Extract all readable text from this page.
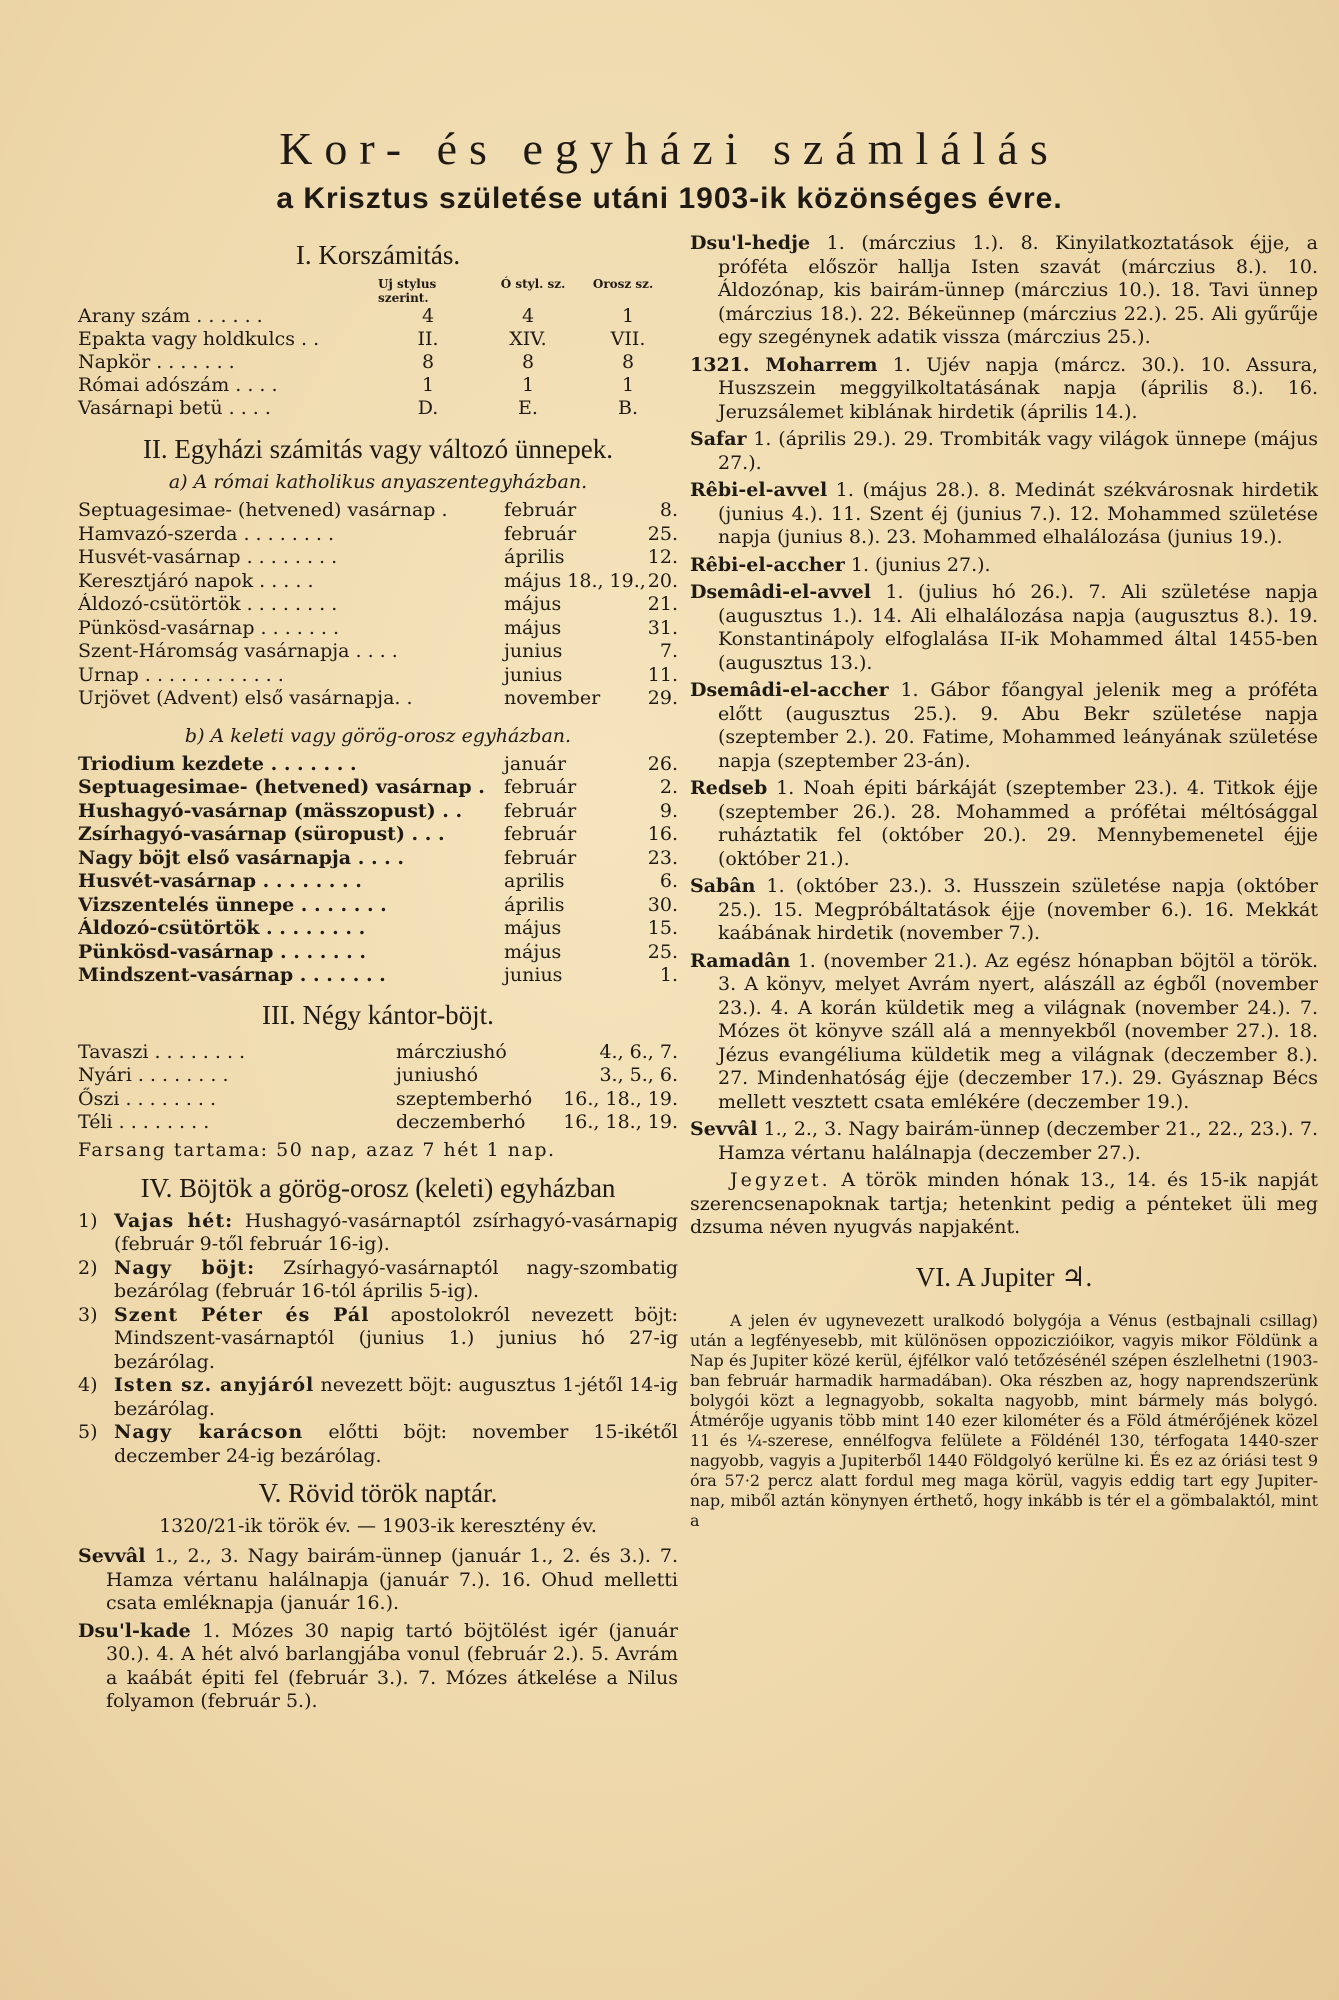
Kor- és egyházi számlálás
a Krisztus születése utáni 1903-ik közönséges évre.
I. Korszámitás.
Uj stylus szerint.
Ó styl. sz.	Orosz sz.
Arany szám . . . . . .	4	4	1
Epakta vagy holdkulcs . .	II.	XIV.	VII.
Napkör . . . . . . .	8	8	8
Római adószám . . . .	1	1	1
Vasárnapi betü . . . .	D.	E.	B.
II. Egyházi számitás vagy változó ünnepek.
a) A római katholikus anyaszentegyházban.
Septuagesimae- (hetvened) vasárnap .	február	8.
Hamvazó-szerda . . . . . . . .	február	25.
Husvét-vasárnap . . . . . . . .	április	12.
Keresztjáró napok . . . . .	május 18., 19., 20.
Áldozó-csütörtök . . . . . . . .	május	21.
Pünkösd-vasárnap . . . . . . .	május	31.
Szent-Háromság vasárnapja . . . .	junius	7.
Urnap . . . . . . . . . . . .	junius	11.
Urjövet (Advent) első vasárnapja. .	november	29.
b) A keleti vagy görög-orosz egyházban.
Triodium kezdete . . . . . . .	január	26.
Septuagesimae- (hetvened) vasárnap .	február	2.
Hushagyó-vasárnap (mässzopust) . .	február	9.
Zsírhagyó-vasárnap (süropust) . . .	február	16.
Nagy böjt első vasárnapja . . . .	február	23.
Husvét-vasárnap . . . . . . . .	aprilis	6.
Vizszentelés ünnepe . . . . . . .	április	30.
Áldozó-csütörtök . . . . . . . .	május	15.
Pünkösd-vasárnap . . . . . . .	május	25.
Mindszent-vasárnap . . . . . . .	junius	1.
III. Négy kántor-böjt.
Tavaszi . . . . . . . .	márcziushó	4., 6., 7.
Nyári . . . . . . . .	juniushó	3., 5., 6.
Őszi . . . . . . . .	szeptemberhó	16., 18., 19.
Téli . . . . . . . .	deczemberhó	16., 18., 19.
Farsang tartama: 50 nap, azaz 7 hét 1 nap.
IV. Böjtök a görög-orosz (keleti) egyházban

1) Vajas hét: Hushagyó-vasárnaptól zsírhagyó-vasárnapig (február 9-től február 16-ig).

2) Nagy böjt: Zsírhagyó-vasárnaptól nagy-szombatig bezárólag (február 16-tól április 5-ig).

3) Szent Péter és Pál apostolokról nevezett böjt: Mindszent-vasárnaptól (junius 1.) junius hó 27-ig bezárólag.

4) Isten sz. anyjáról nevezett böjt: augusztus 1-jétől 14-ig bezárólag.

5) Nagy karácson előtti böjt: november 15-ikétől deczember 24-ig bezárólag.

V. Rövid török naptár.
1320/21-ik török év. — 1903-ik keresztény év.

Sevvâl 1., 2., 3. Nagy bairám-ünnep (január 1., 2. és 3.). 7. Hamza vértanu halálnapja (január 7.). 16. Ohud melletti csata emléknapja (január 16.).

Dsu'l-kade 1. Mózes 30 napig tartó böjtölést igér (január 30.). 4. A hét alvó barlangjába vonul (február 2.). 5. Avrám a kaábát épiti fel (február 3.). 7. Mózes átkelése a Nilus folyamon (február 5.).

Dsu'l-hedje 1. (márczius 1.). 8. Kinyilatkoztatások éjje, a próféta először hallja Isten szavát (márczius 8.). 10. Áldozónap, kis bairám-ünnep (márczius 10.). 18. Tavi ünnep (márczius 18.). 22. Békeünnep (márczius 22.). 25. Ali gyűrűje egy szegénynek adatik vissza (márczius 25.).

1321. Moharrem 1. Ujév napja (márcz. 30.). 10. Assura, Huszszein meggyilkoltatásának napja (április 8.). 16. Jeruzsálemet kiblának hirdetik (április 14.).

Safar 1. (április 29.). 29. Trombiták vagy világok ünnepe (május 27.).

Rêbi-el-avvel 1. (május 28.). 8. Medinát székvárosnak hirdetik (junius 4.). 11. Szent éj (junius 7.). 12. Mohammed születése napja (junius 8.). 23. Mohammed elhalálozása (junius 19.).

Rêbi-el-accher 1. (junius 27.).

Dsemâdi-el-avvel 1. (julius hó 26.). 7. Ali születése napja (augusztus 1.). 14. Ali elhalálozása napja (augusztus 8.). 19. Konstantinápoly elfoglalása II-ik Mohammed által 1455-ben (augusztus 13.).

Dsemâdi-el-accher 1. Gábor főangyal jelenik meg a próféta előtt (augusztus 25.). 9. Abu Bekr születése napja (szeptember 2.). 20. Fatime, Mohammed leányának születése napja (szeptember 23-án).

Redseb 1. Noah épiti bárkáját (szeptember 23.). 4. Titkok éjje (szeptember 26.). 28. Mohammed a prófétai méltósággal ruháztatik fel (október 20.). 29. Mennybemenetel éjje (október 21.).

Sabân 1. (október 23.). 3. Husszein születése napja (október 25.). 15. Megpróbáltatások éjje (november 6.). 16. Mekkát kaábának hirdetik (november 7.).

Ramadân 1. (november 21.). Az egész hónapban böjtöl a török. 3. A könyv, melyet Avrám nyert, alászáll az égből (november 23.). 4. A korán küldetik meg a világnak (november 24.). 7. Mózes öt könyve száll alá a mennyekből (november 27.). 18. Jézus evangéliuma küldetik meg a világnak (deczember 8.). 27. Mindenhatóság éjje (deczember 17.). 29. Gyásznap Bécs mellett vesztett csata emlékére (deczember 19.).

Sevvâl 1., 2., 3. Nagy bairám-ünnep (deczember 21., 22., 23.). 7. Hamza vértanu halálnapja (deczember 27.).

Jegyzet. A török minden hónak 13., 14. és 15-ik napját szerencsenapoknak tartja; hetenkint pedig a pénteket üli meg dzsuma néven nyugvás napjaként.

VI. A Jupiter ♃.

A jelen év ugynevezett uralkodó bolygója a Vénus (estbajnali csillag) után a legfényesebb, mit különösen oppoziczióikor, vagyis mikor Földünk a Nap és Jupiter közé kerül, éjfélkor való tetőzésénél szépen észlelhetni (1903-ban február harmadik harmadában). Oka részben az, hogy naprendszerünk bolygói közt a legnagyobb, sokalta nagyobb, mint bármely más bolygó. Átmérője ugyanis több mint 140 ezer kilométer és a Föld átmérőjének közel 11 és ¼-szerese, ennélfogva felülete a Földénél 130, térfogata 1440-szer nagyobb, vagyis a Jupiterből 1440 Földgolyó kerülne ki. És ez az óriási test 9 óra 57·2 percz alatt fordul meg maga körül, vagyis eddig tart egy Jupiter-nap, miből aztán könynyen érthető, hogy inkább is tér el a gömbalaktól, mint a
